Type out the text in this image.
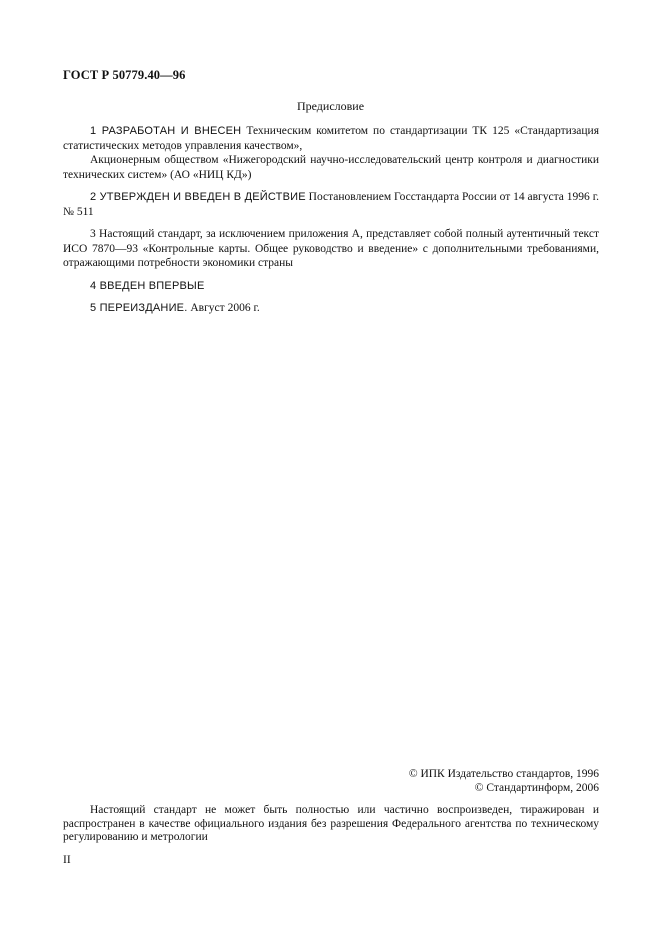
ГОСТ Р 50779.40—96
Предисловие

1 РАЗРАБОТАН И ВНЕСЕН Техническим комитетом по стандартизации ТК 125 «Стандартизация статистических методов управления качеством»,

Акционерным обществом «Нижегородский научно-исследовательский центр контроля и диагностики технических систем» (АО «НИЦ КД»)

2 УТВЕРЖДЕН И ВВЕДЕН В ДЕЙСТВИЕ Постановлением Госстандарта России от 14 августа 1996 г. № 511

3 Настоящий стандарт, за исключением приложения А, представляет собой полный аутентичный текст ИСО 7870—93 «Контрольные карты. Общее руководство и введение» с дополнительными требованиями, отражающими потребности экономики страны

4 ВВЕДЕН ВПЕРВЫЕ

5 ПЕРЕИЗДАНИЕ. Август 2006 г.

© ИПК Издательство стандартов, 1996
© Стандартинформ, 2006

Настоящий стандарт не может быть полностью или частично воспроизведен, тиражирован и распространен в качестве официального издания без разрешения Федерального агентства по техническому регулированию и метрологии

II
